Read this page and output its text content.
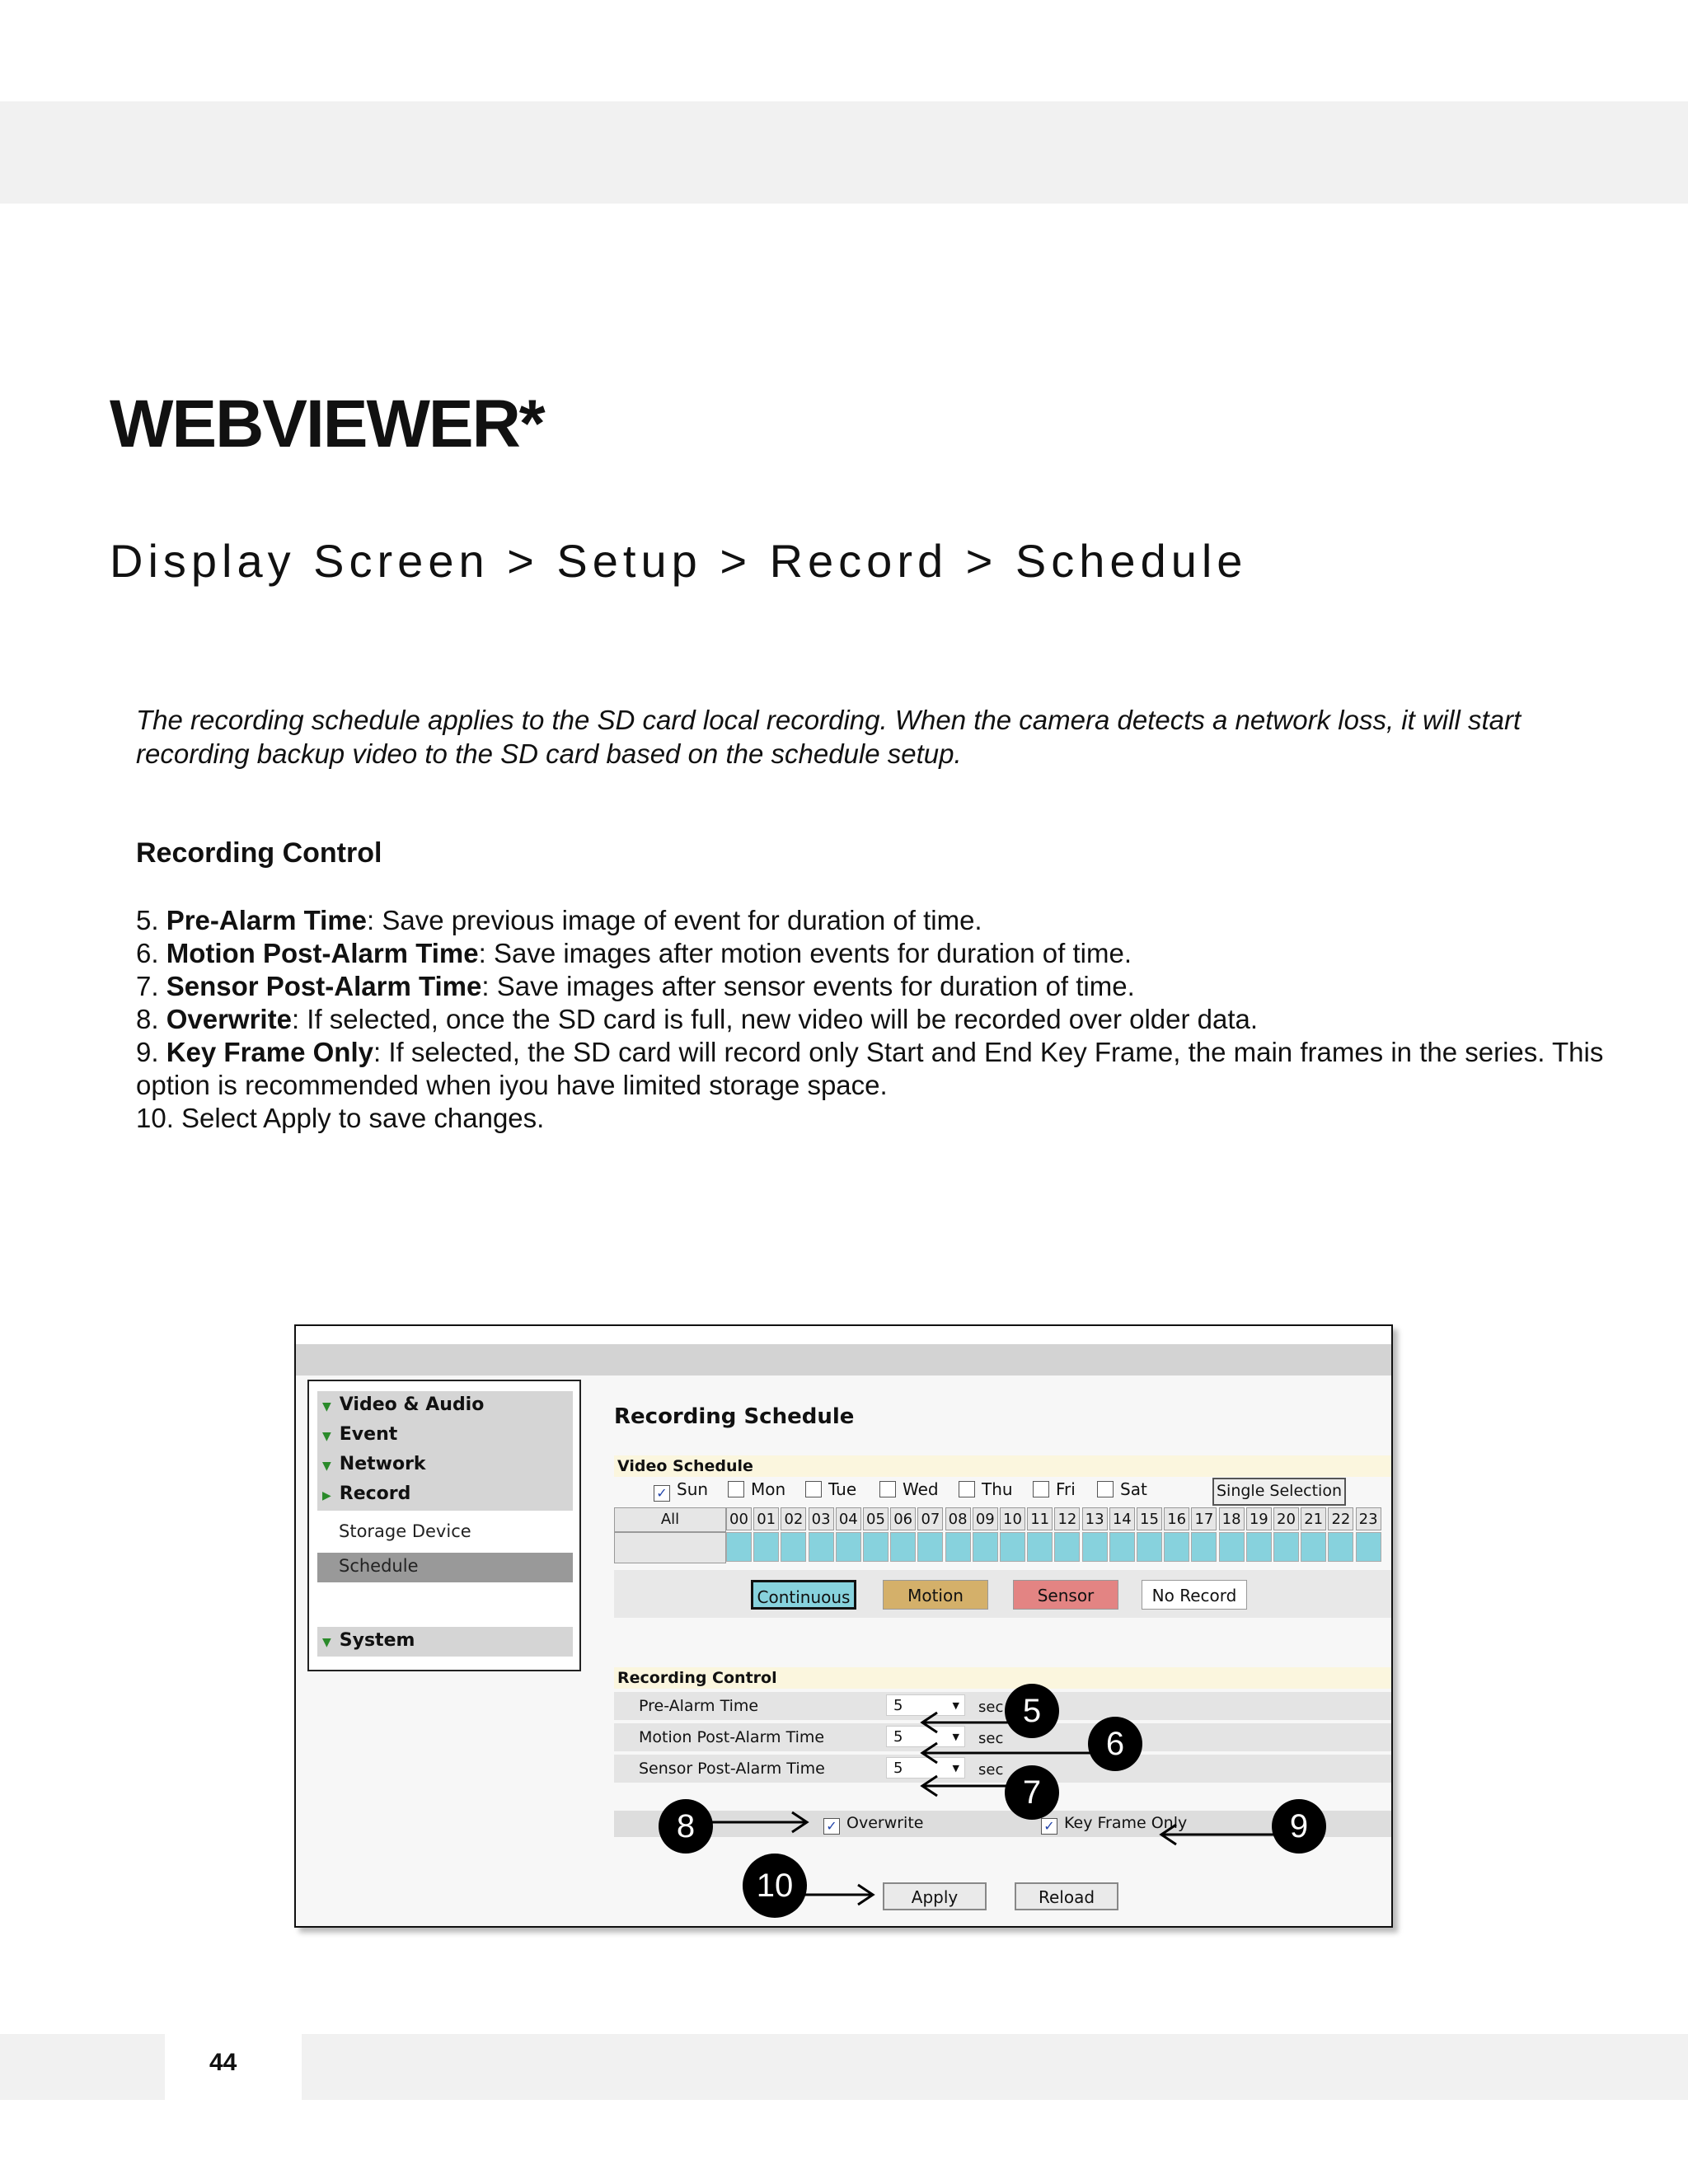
WEBVIEWER*
Display Screen > Setup > Record > Schedule

The recording schedule applies to the SD card local recording. When the camera detects a network loss, it will start recording backup video to the SD card based on the schedule setup.

Recording Control

5. Pre-Alarm Time: Save previous image of event for duration of time.
6. Motion Post-Alarm Time: Save images after motion events for duration of time.
7. Sensor Post-Alarm Time: Save images after sensor events for duration of time.
8. Overwrite: If selected, once the SD card is full, new video will be recorded over older data.
9. Key Frame Only: If selected, the SD card will record only Start and End Key Frame, the main frames in the series. This option is recommended when iyou have limited storage space.
10. Select Apply to save changes.
▼ Video & Audio
▼ Event
▼ Network
▶ Record
Storage Device
Schedule
▼ System
Recording Schedule
Video Schedule
✓ Sun	Mon	Tue	Wed	Thu	Fri	Sat	Single Selection
All	00 01 02 03 04 05 06 07 08 09 10 11 12 13 14 15 16 17 18 19 20 21 22 23
Continuous	Motion	Sensor	No Record
Recording Control
Pre-Alarm Time	5	▼ sec
Motion Post-Alarm Time	5	▼ sec
Sensor Post-Alarm Time	5	▼ sec
✓ Overwrite	✓ Key Frame Only
Apply	Reload
5
6
7
8	9
10
44
